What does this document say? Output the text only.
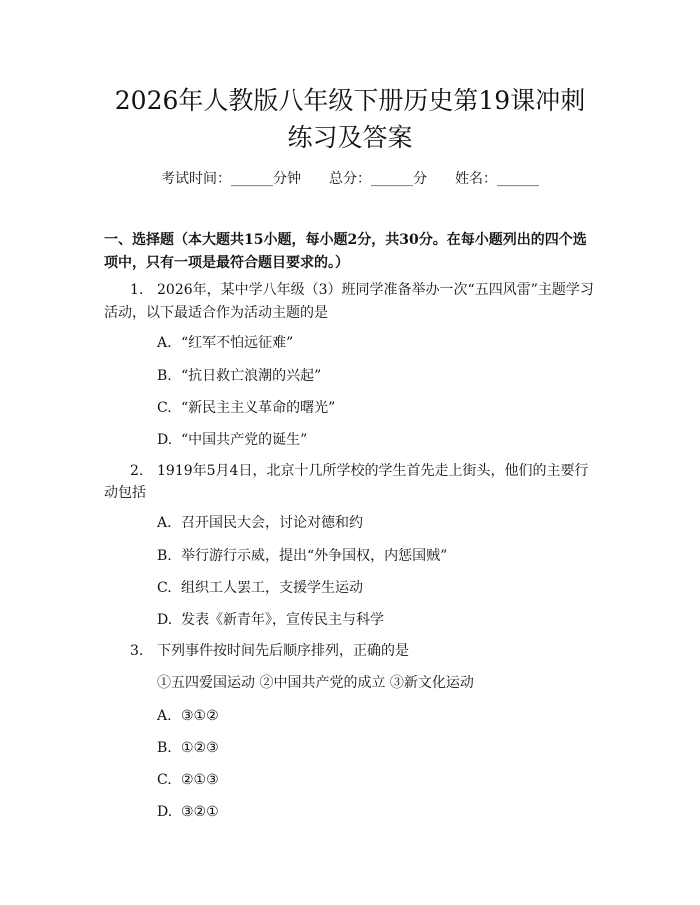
2026年人教版八年级下册历史第19课冲刺
练习及答案
考试时间：______分钟　　总分：______分　　姓名：______
一、选择题（本大题共15小题，每小题2分，共30分。在每小题列出的四个选
项中，只有一项是最符合题目要求的。）
1. 2026年，某中学八年级（3）班同学准备举办一次“五四风雷”主题学习
活动，以下最适合作为活动主题的是
A. “红军不怕远征难”
B. “抗日救亡浪潮的兴起”
C. “新民主主义革命的曙光”
D. “中国共产党的诞生”
2. 1919年5月4日，北京十几所学校的学生首先走上街头，他们的主要行
动包括
A. 召开国民大会，讨论对德和约
B. 举行游行示威，提出“外争国权，内惩国贼”
C. 组织工人罢工，支援学生运动
D. 发表《新青年》，宣传民主与科学
3. 下列事件按时间先后顺序排列，正确的是
①五四爱国运动 ②中国共产党的成立 ③新文化运动
A. ③①②
B. ①②③
C. ②①③
D. ③②①
